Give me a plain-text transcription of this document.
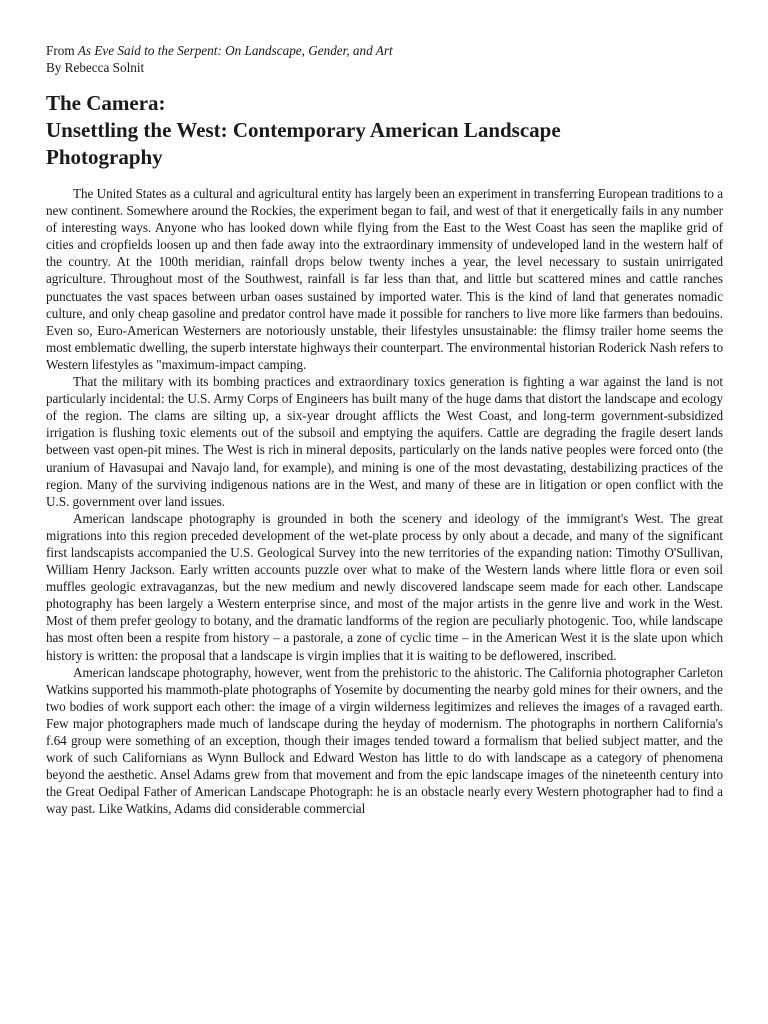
From As Eve Said to the Serpent: On Landscape, Gender, and Art

By Rebecca Solnit

The Camera:
Unsettling the West: Contemporary American Landscape
Photography

The United States as a cultural and agricultural entity has largely been an experiment in transferring European traditions to a new continent. Somewhere around the Rockies, the experiment began to fail, and west of that it energetically fails in any number of interesting ways. Anyone who has looked down while flying from the East to the West Coast has seen the maplike grid of cities and cropfields loosen up and then fade away into the extraordinary immensity of undeveloped land in the western half of the country. At the 100th meridian, rainfall drops below twenty inches a year, the level necessary to sustain unirrigated agriculture. Throughout most of the Southwest, rainfall is far less than that, and little but scattered mines and cattle ranches punctuates the vast spaces between urban oases sustained by imported water. This is the kind of land that generates nomadic culture, and only cheap gasoline and predator control have made it possible for ranchers to live more like farmers than bedouins. Even so, Euro-American Westerners are notoriously unstable, their lifestyles unsustainable: the flimsy trailer home seems the most emblematic dwelling, the superb interstate highways their counterpart. The environmental historian Roderick Nash refers to Western lifestyles as "maximum-impact camping.

That the military with its bombing practices and extraordinary toxics generation is fighting a war against the land is not particularly incidental: the U.S. Army Corps of Engineers has built many of the huge dams that distort the landscape and ecology of the region. The clams are silting up, a six-year drought afflicts the West Coast, and long-term government-subsidized irrigation is flushing toxic elements out of the subsoil and emptying the aquifers. Cattle are degrading the fragile desert lands between vast open-pit mines. The West is rich in mineral deposits, particularly on the lands native peoples were forced onto (the uranium of Havasupai and Navajo land, for example), and mining is one of the most devastating, destabilizing practices of the region. Many of the surviving indigenous nations are in the West, and many of these are in litigation or open conflict with the U.S. government over land issues.

American landscape photography is grounded in both the scenery and ideology of the immigrant's West. The great migrations into this region preceded development of the wet-plate process by only about a decade, and many of the significant first landscapists accompanied the U.S. Geological Survey into the new territories of the expanding nation: Timothy O'Sullivan, William Henry Jackson. Early written accounts puzzle over what to make of the Western lands where little flora or even soil muffles geologic extravaganzas, but the new medium and newly discovered landscape seem made for each other. Landscape photography has been largely a Western enterprise since, and most of the major artists in the genre live and work in the West. Most of them prefer geology to botany, and the dramatic landforms of the region are peculiarly photogenic. Too, while landscape has most often been a respite from history – a pastorale, a zone of cyclic time – in the American West it is the slate upon which history is written: the proposal that a landscape is virgin implies that it is waiting to be deflowered, inscribed.

American landscape photography, however, went from the prehistoric to the ahistoric. The California photographer Carleton Watkins supported his mammoth-plate photographs of Yosemite by documenting the nearby gold mines for their owners, and the two bodies of work support each other: the image of a virgin wilderness legitimizes and relieves the images of a ravaged earth. Few major photographers made much of landscape during the heyday of modernism. The photographs in northern California's f.64 group were something of an exception, though their images tended toward a formalism that belied subject matter, and the work of such Californians as Wynn Bullock and Edward Weston has little to do with landscape as a category of phenomena beyond the aesthetic. Ansel Adams grew from that movement and from the epic landscape images of the nineteenth century into the Great Oedipal Father of American Landscape Photograph: he is an obstacle nearly every Western photographer had to find a way past. Like Watkins, Adams did considerable commercial
